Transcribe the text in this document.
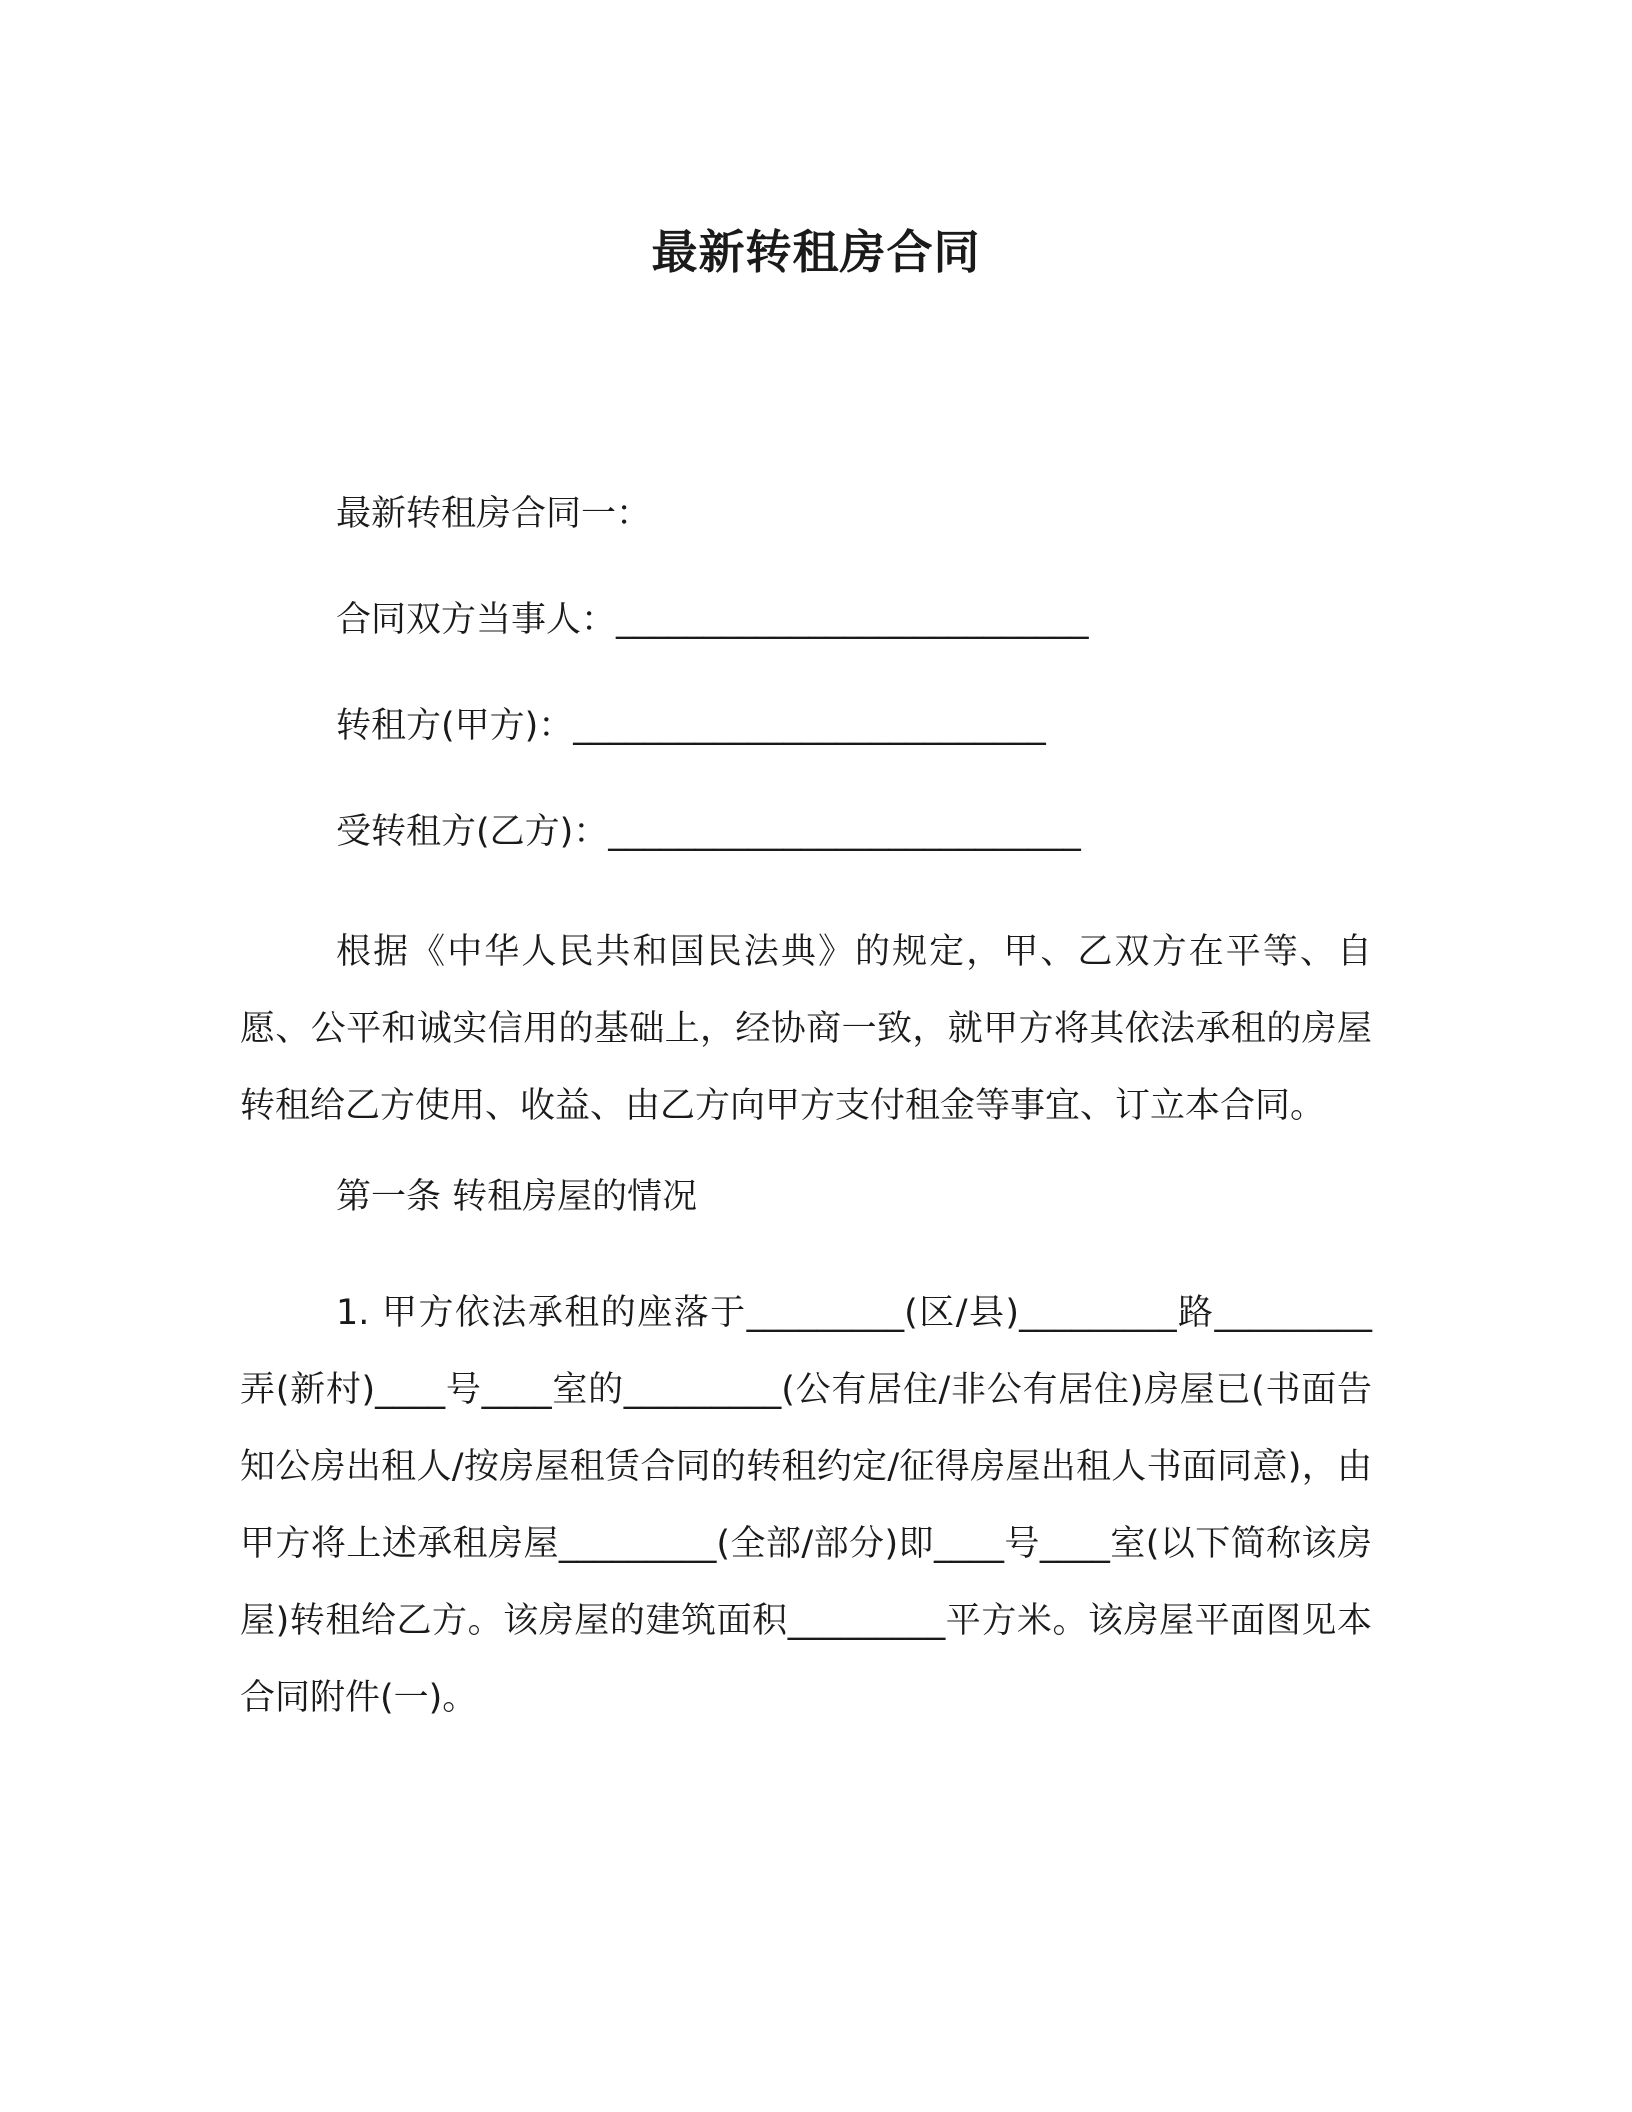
最新转租房合同

最新转租房合同一：

合同双方当事人：___________________________

转租方(甲方)：___________________________

受转租方(乙方)：___________________________

根据《中华人民共和国民法典》的规定，甲、乙双方在平等、自愿、公平和诚实信用的基础上，经协商一致，就甲方将其依法承租的房屋转租给乙方使用、收益、由乙方向甲方支付租金等事宜、订立本合同。

第一条 转租房屋的情况

1. 甲方依法承租的座落于_________(区/县)_________路_________弄(新村)____号____室的_________(公有居住/非公有居住)房屋已(书面告知公房出租人/按房屋租赁合同的转租约定/征得房屋出租人书面同意)，由甲方将上述承租房屋_________(全部/部分)即____号____室(以下简称该房屋)转租给乙方。该房屋的建筑面积_________平方米。该房屋平面图见本合同附件(一)。
